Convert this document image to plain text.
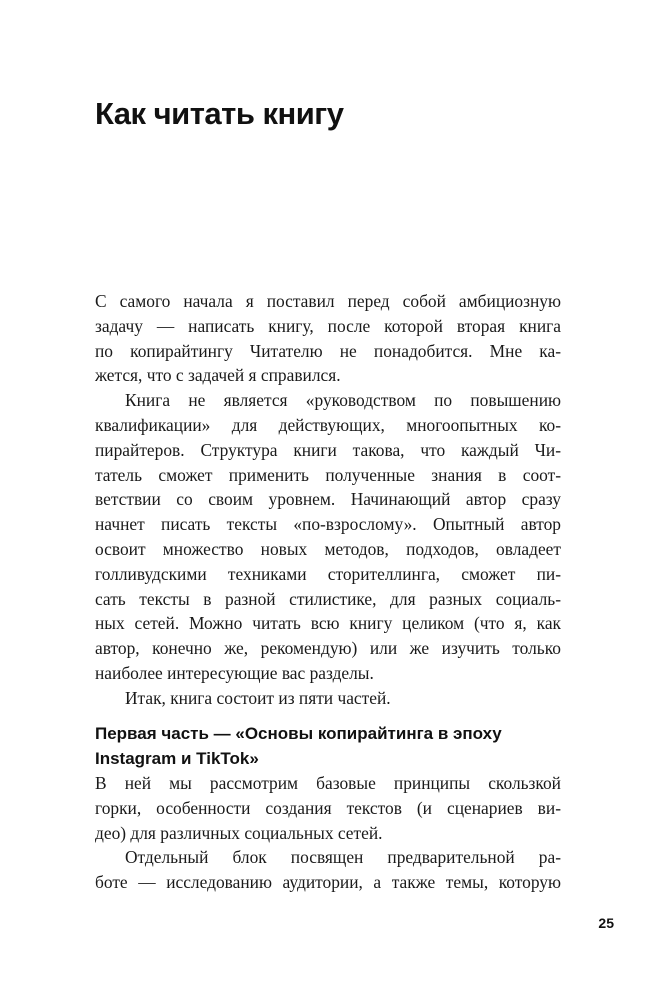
Как читать книгу
С самого начала я поставил перед собой амбициозную
задачу — написать книгу, после которой вторая книга
по копирайтингу Читателю не понадобится. Мне ка-
жется, что с задачей я справился.
Книга не является «руководством по повышению
квалификации» для действующих, многоопытных ко-
пирайтеров. Структура книги такова, что каждый Чи-
татель сможет применить полученные знания в соот-
ветствии со своим уровнем. Начинающий автор сразу
начнет писать тексты «по-взрослому». Опытный автор
освоит множество новых методов, подходов, овладеет
голливудскими техниками сторителлинга, сможет пи-
сать тексты в разной стилистике, для разных социаль-
ных сетей. Можно читать всю книгу целиком (что я, как
автор, конечно же, рекомендую) или же изучить только
наиболее интересующие вас разделы.
Итак, книга состоит из пяти частей.
Первая часть — «Основы копирайтинга в эпоху
Instagram и TikTok»
В ней мы рассмотрим базовые принципы скользкой
горки, особенности создания текстов (и сценариев ви-
део) для различных социальных сетей.
Отдельный блок посвящен предварительной ра-
боте — исследованию аудитории, а также темы, которую
25
